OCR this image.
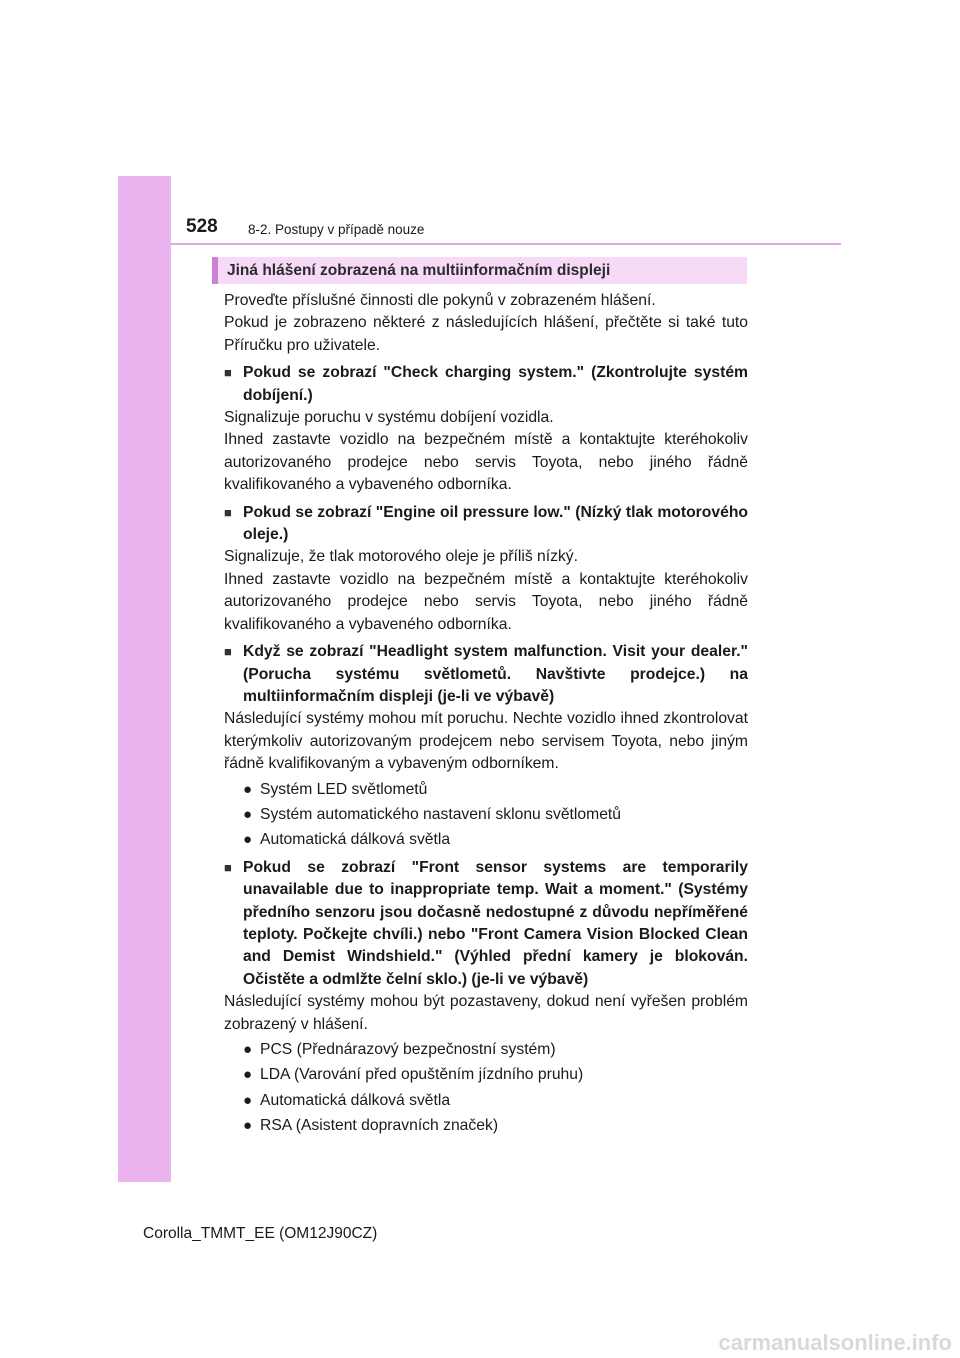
528 8-2. Postupy v případě nouze
Jiná hlášení zobrazená na multiinformačním displeji

Proveďte příslušné činnosti dle pokynů v zobrazeném hlášení.

Pokud je zobrazeno některé z následujících hlášení, přečtěte si také tuto Příručku pro uživatele.

■ Pokud se zobrazí "Check charging system." (Zkontrolujte systém dobíjení.)

Signalizuje poruchu v systému dobíjení vozidla.

Ihned zastavte vozidlo na bezpečném místě a kontaktujte kteréhokoliv autorizovaného prodejce nebo servis Toyota, nebo jiného řádně kvalifikovaného a vybaveného odborníka.

■ Pokud se zobrazí "Engine oil pressure low." (Nízký tlak motorového oleje.)

Signalizuje, že tlak motorového oleje je příliš nízký.

Ihned zastavte vozidlo na bezpečném místě a kontaktujte kteréhokoliv autorizovaného prodejce nebo servis Toyota, nebo jiného řádně kvalifikovaného a vybaveného odborníka.

■ Když se zobrazí "Headlight system malfunction. Visit your dealer." (Porucha systému světlometů. Navštivte prodejce.) na multiinformačním displeji (je-li ve výbavě)

Následující systémy mohou mít poruchu. Nechte vozidlo ihned zkontrolovat kterýmkoliv autorizovaným prodejcem nebo servisem Toyota, nebo jiným řádně kvalifikovaným a vybaveným odborníkem.

● Systém LED světlometů
● Systém automatického nastavení sklonu světlometů
● Automatická dálková světla
■ Pokud se zobrazí "Front sensor systems are temporarily unavailable due to inappropriate temp. Wait a moment." (Systémy předního senzoru jsou dočasně nedostupné z důvodu nepříměřené teploty. Počkejte chvíli.) nebo "Front Camera Vision Blocked Clean and Demist Windshield." (Výhled přední kamery je blokován. Očistěte a odmlžte čelní sklo.) (je-li ve výbavě)

Následující systémy mohou být pozastaveny, dokud není vyřešen problém zobrazený v hlášení.

● PCS (Přednárazový bezpečnostní systém)
● LDA (Varování před opuštěním jízdního pruhu)
● Automatická dálková světla
● RSA (Asistent dopravních značek)
Corolla_TMMT_EE (OM12J90CZ)
carmanualsonline.info
